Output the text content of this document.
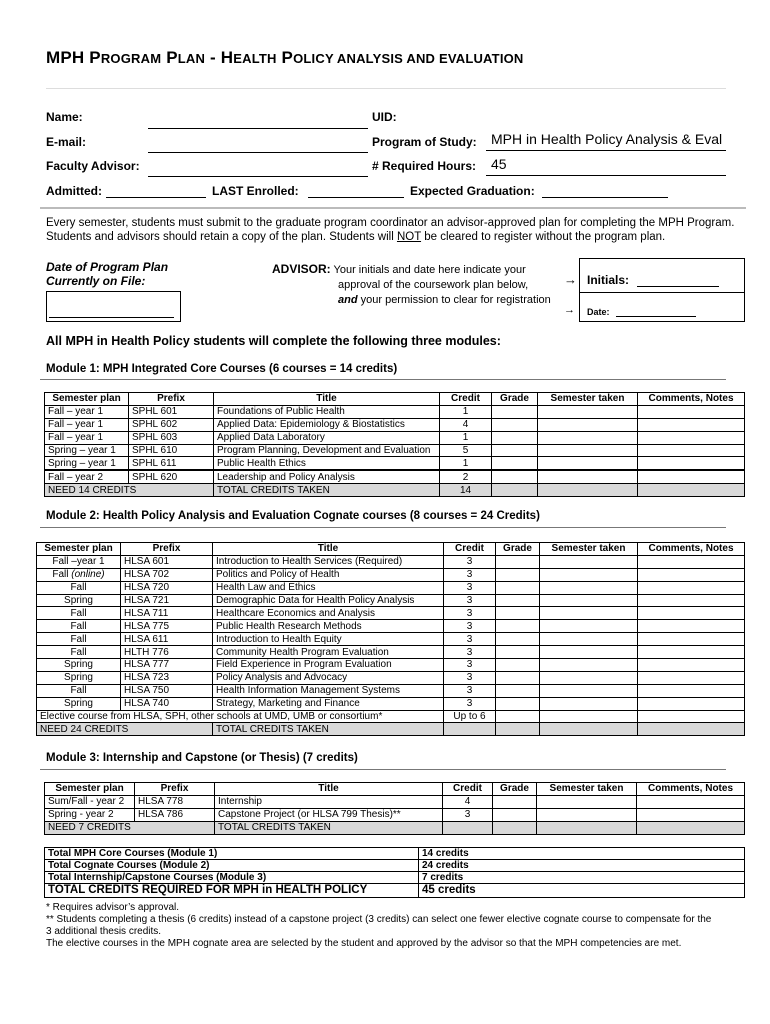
MPH PROGRAM PLAN - HEALTH POLICY ANALYSIS AND EVALUATION
Name:	UID:
E-mail:	Program of Study: MPH in Health Policy Analysis & Eval
Faculty Advisor:	# Required Hours: 45
Admitted:	LAST Enrolled:	Expected Graduation:
Every semester, students must submit to the graduate program coordinator an advisor-approved plan for completing the MPH Program.
Students and advisors should retain a copy of the plan. Students will NOT be cleared to register without the program plan.
Date of Program Plan
Currently on File:
ADVISOR: Your initials and date here indicate your
approval of the coursework plan below,
and your permission to clear for registration
→
→
Initials:
Date:
All MPH in Health Policy students will complete the following three modules:
Module 1: MPH Integrated Core Courses (6 courses = 14 credits)
Semester plan	Prefix	Title	Credit	Grade	Semester taken	Comments, Notes
Fall – year 1	SPHL 601	Foundations of Public Health	1			
Fall – year 1	SPHL 602	Applied Data: Epidemiology & Biostatistics	4			
Fall – year 1	SPHL 603	Applied Data Laboratory	1			
Spring – year 1	SPHL 610	Program Planning, Development and Evaluation	5			
Spring – year 1	SPHL 611	Public Health Ethics	1			
Fall – year 2	SPHL 620	Leadership and Policy Analysis	2			
NEED 14 CREDITS		TOTAL CREDITS TAKEN	14			
Module 2: Health Policy Analysis and Evaluation Cognate courses (8 courses = 24 Credits)
Semester plan	Prefix	Title	Credit	Grade	Semester taken	Comments, Notes
Fall –year 1	HLSA 601	Introduction to Health Services (Required)	3			
Fall (online)	HLSA 702	Politics and Policy of Health	3			
Fall	HLSA 720	Health Law and Ethics	3			
Spring	HLSA 721	Demographic Data for Health Policy Analysis	3			
Fall	HLSA 711	Healthcare Economics and Analysis	3			
Fall	HLSA 775	Public Health Research Methods	3			
Fall	HLSA 611	Introduction to Health Equity	3			
Fall	HLTH 776	Community Health Program Evaluation	3			
Spring	HLSA 777	Field Experience in Program Evaluation	3			
Spring	HLSA 723	Policy Analysis and Advocacy	3			
Fall	HLSA 750	Health Information Management Systems	3			
Spring	HLSA 740	Strategy, Marketing and Finance	3			
Elective course from HLSA, SPH, other schools at UMD, UMB or consortium*			Up to 6			
NEED 24 CREDITS		TOTAL CREDITS TAKEN				
Module 3: Internship and Capstone (or Thesis) (7 credits)
Semester plan	Prefix	Title	Credit	Grade	Semester taken	Comments, Notes
Sum/Fall - year 2	HLSA 778	Internship	4			
Spring - year 2	HLSA 786	Capstone Project (or HLSA 799 Thesis)**	3			
NEED 7 CREDITS		TOTAL CREDITS TAKEN				
Total MPH Core Courses (Module 1)	14 credits
Total Cognate Courses (Module 2)	24 credits
Total Internship/Capstone Courses (Module 3)	7 credits
TOTAL CREDITS REQUIRED FOR MPH in HEALTH POLICY	45 credits
* Requires advisor’s approval.
** Students completing a thesis (6 credits) instead of a capstone project (3 credits) can select one fewer elective cognate course to compensate for the
3 additional thesis credits.
The elective courses in the MPH cognate area are selected by the student and approved by the advisor so that the MPH competencies are met.
